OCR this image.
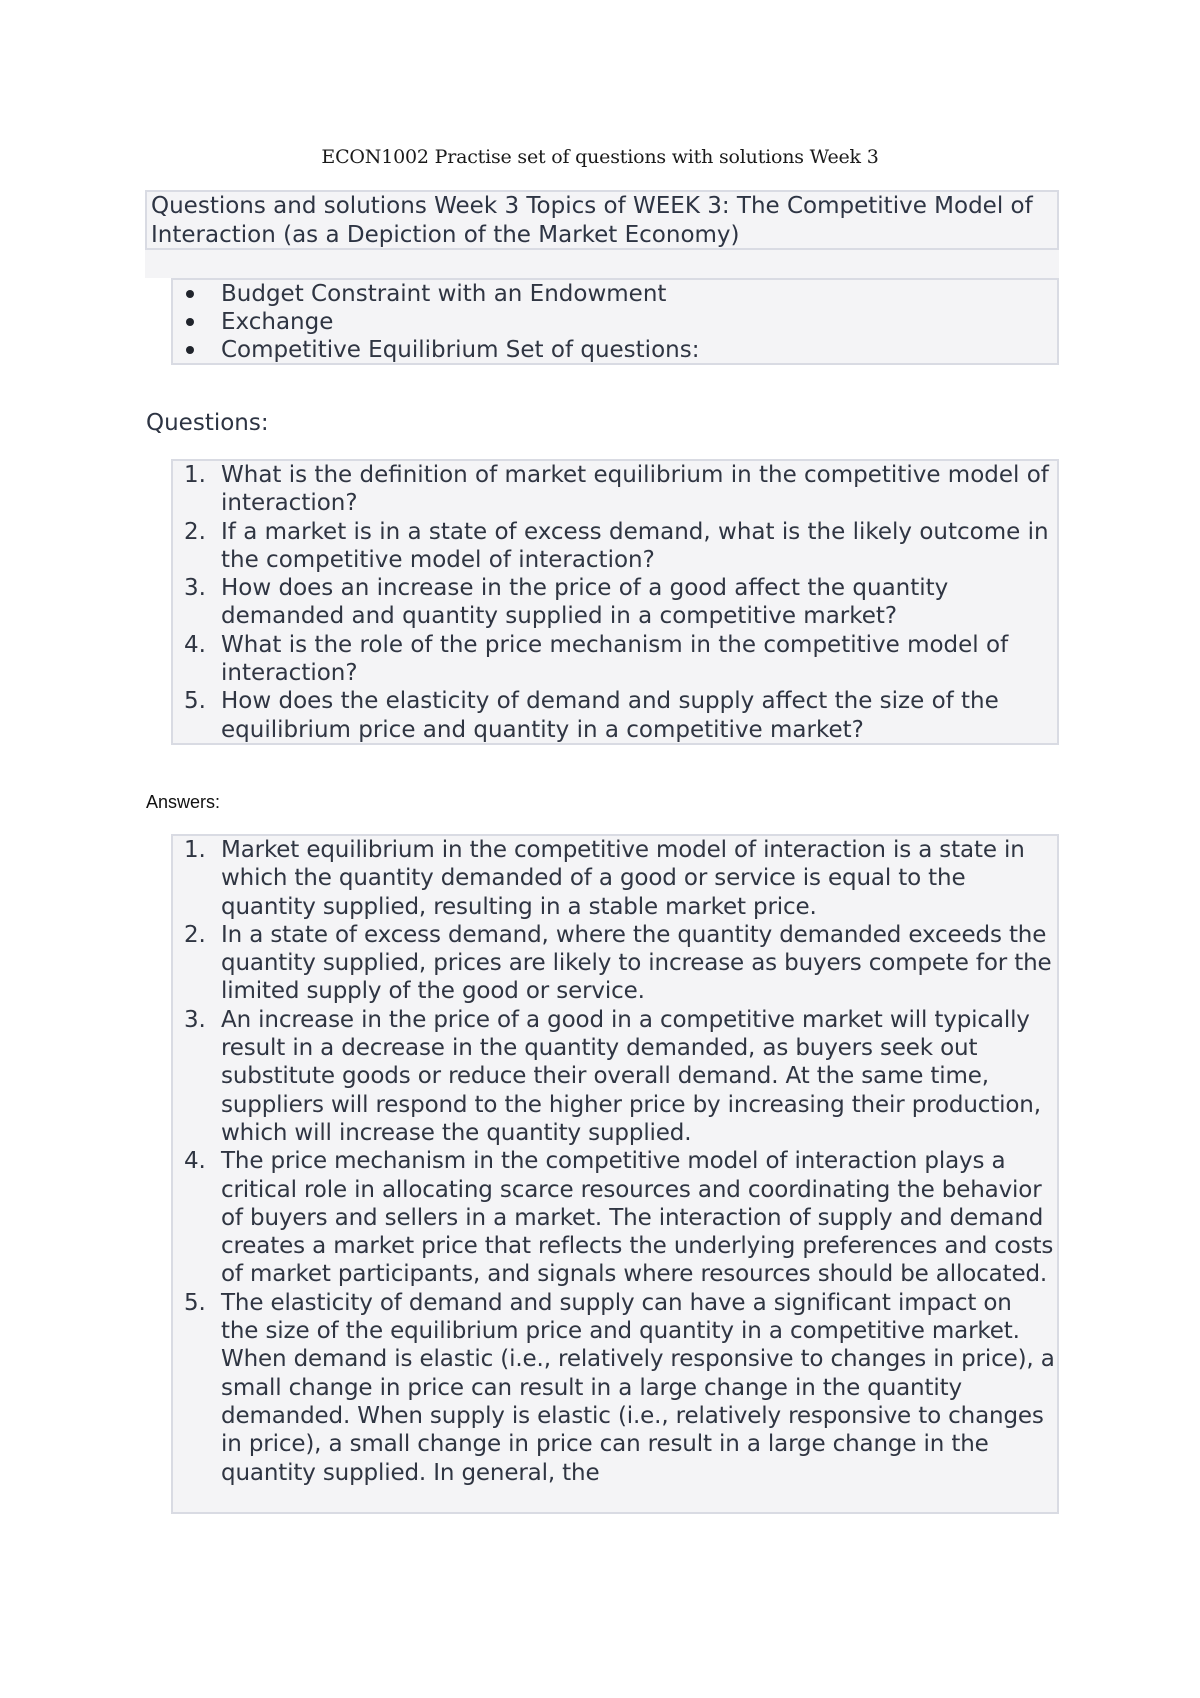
ECON1002 Practise set of questions with solutions Week 3
Questions and solutions Week 3 Topics of WEEK 3: The Competitive Model of Interaction (as a Depiction of the Market Economy)
Budget Constraint with an Endowment
Exchange
Competitive Equilibrium Set of questions:
Questions:
1. What is the definition of market equilibrium in the competitive model of interaction?
2. If a market is in a state of excess demand, what is the likely outcome in the competitive model of interaction?
3. How does an increase in the price of a good affect the quantity demanded and quantity supplied in a competitive market?
4. What is the role of the price mechanism in the competitive model of interaction?
5. How does the elasticity of demand and supply affect the size of the equilibrium price and quantity in a competitive market?
Answers:
1. Market equilibrium in the competitive model of interaction is a state in which the quantity demanded of a good or service is equal to the quantity supplied, resulting in a stable market price.
2. In a state of excess demand, where the quantity demanded exceeds the quantity supplied, prices are likely to increase as buyers compete for the limited supply of the good or service.
3. An increase in the price of a good in a competitive market will typically result in a decrease in the quantity demanded, as buyers seek out substitute goods or reduce their overall demand. At the same time, suppliers will respond to the higher price by increasing their production, which will increase the quantity supplied.
4. The price mechanism in the competitive model of interaction plays a critical role in allocating scarce resources and coordinating the behavior of buyers and sellers in a market. The interaction of supply and demand creates a market price that reflects the underlying preferences and costs of market participants, and signals where resources should be allocated.
5. The elasticity of demand and supply can have a significant impact on the size of the equilibrium price and quantity in a competitive market. When demand is elastic (i.e., relatively responsive to changes in price), a small change in price can result in a large change in the quantity demanded. When supply is elastic (i.e., relatively responsive to changes in price), a small change in price can result in a large change in the quantity supplied. In general, the
